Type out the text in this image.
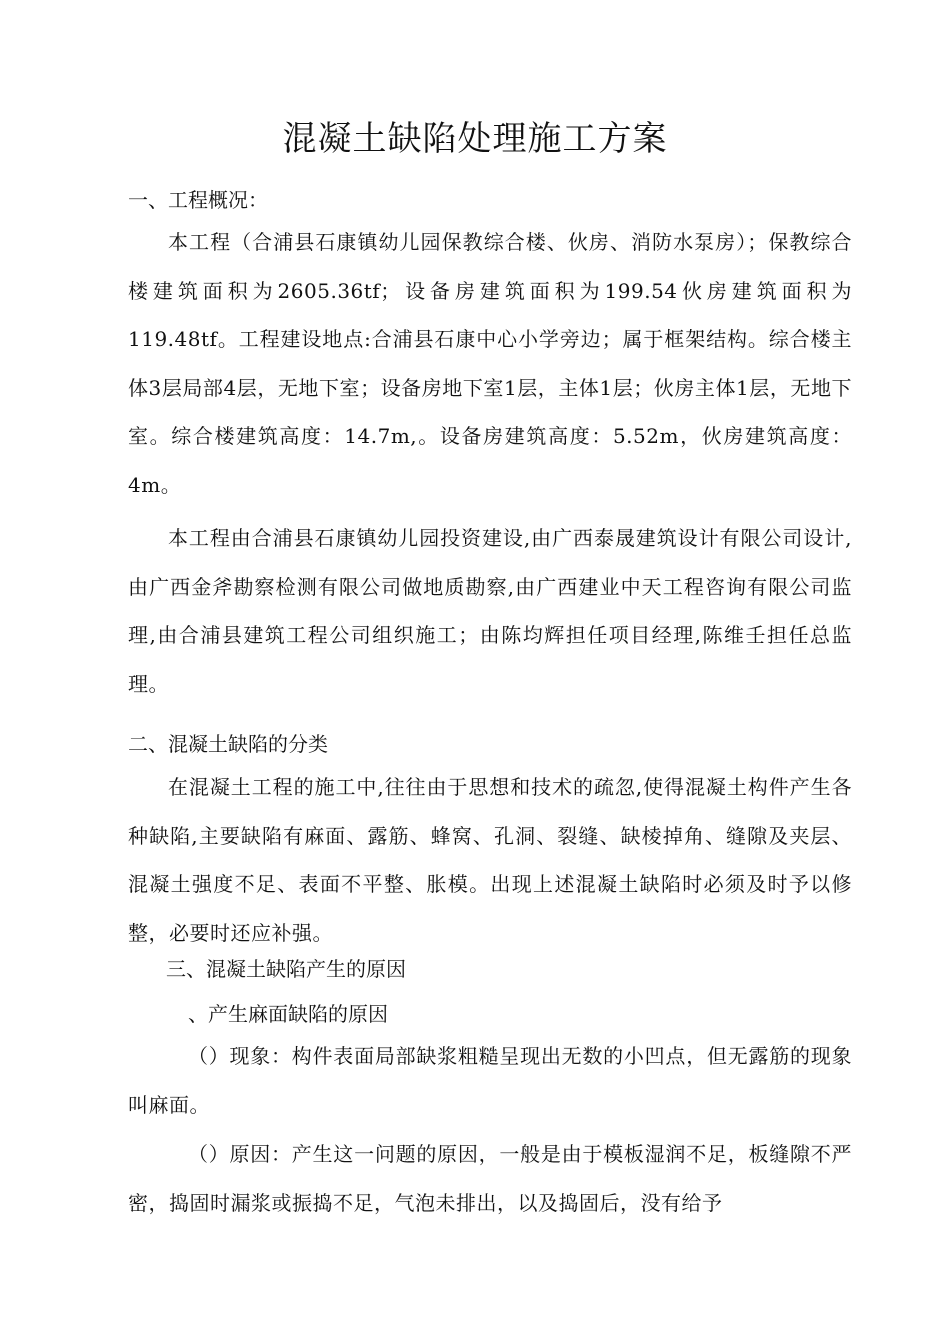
混凝土缺陷处理施工方案
一、工程概况：

本工程（合浦县石康镇幼儿园保教综合楼、伙房、消防水泵房）；保教综合楼建筑面积为2605.36tf；设备房建筑面积为199.54伙房建筑面积为119.48tf。工程建设地点:合浦县石康中心小学旁边；属于框架结构。综合楼主体3层局部4层，无地下室；设备房地下室1层，主体1层；伙房主体1层，无地下室。综合楼建筑高度：14.7m,。设备房建筑高度：5.52m，伙房建筑高度：4m。

本工程由合浦县石康镇幼儿园投资建设,由广西泰晟建筑设计有限公司设计,由广西金斧勘察检测有限公司做地质勘察,由广西建业中天工程咨询有限公司监理,由合浦县建筑工程公司组织施工；由陈均辉担任项目经理,陈维壬担任总监理。

二、混凝土缺陷的分类

在混凝土工程的施工中,往往由于思想和技术的疏忽,使得混凝土构件产生各种缺陷,主要缺陷有麻面、露筋、蜂窝、孔洞、裂缝、缺棱掉角、缝隙及夹层、混凝土强度不足、表面不平整、胀模。出现上述混凝土缺陷时必须及时予以修整，必要时还应补强。

三、混凝土缺陷产生的原因
、产生麻面缺陷的原因

（）现象：构件表面局部缺浆粗糙呈现出无数的小凹点，但无露筋的现象叫麻面。

（）原因：产生这一问题的原因，一般是由于模板湿润不足，板缝隙不严密，捣固时漏浆或振捣不足，气泡未排出，以及捣固后，没有给予
